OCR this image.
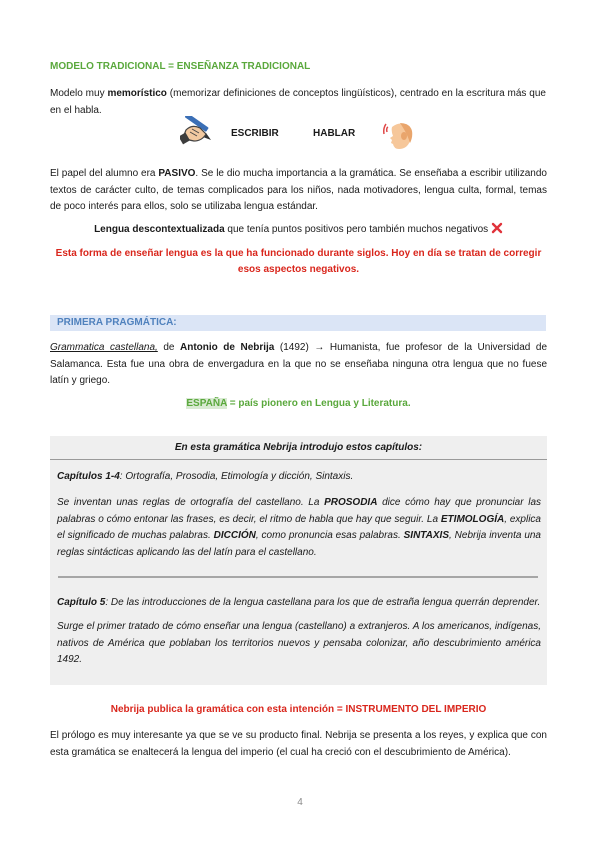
MODELO TRADICIONAL = ENSEÑANZA TRADICIONAL
Modelo muy memorístico (memorizar definiciones de conceptos lingüísticos), centrado en la escritura más que en el habla.
ESCRIBIR	HABLAR
El papel del alumno era PASIVO. Se le dio mucha importancia a la gramática. Se enseñaba a escribir utilizando textos de carácter culto, de temas complicados para los niños, nada motivadores, lengua culta, formal, temas de poco interés para ellos, solo se utilizaba lengua estándar.
Lengua descontextualizada que tenía puntos positivos pero también muchos negativos
Esta forma de enseñar lengua es la que ha funcionado durante siglos. Hoy en día se tratan de corregir esos aspectos negativos.
PRIMERA PRAGMÁTICA:
Grammatica castellana, de Antonio de Nebrija (1492) → Humanista, fue profesor de la Universidad de Salamanca. Esta fue una obra de envergadura en la que no se enseñaba ninguna otra lengua que no fuese latín y griego.
ESPAÑA = país pionero en Lengua y Literatura.
En esta gramática Nebrija introdujo estos capítulos:
Capítulos 1-4: Ortografía, Prosodia, Etimología y dicción, Sintaxis.
Se inventan unas reglas de ortografía del castellano. La PROSODIA dice cómo hay que pronunciar las palabras o cómo entonar las frases, es decir, el ritmo de habla que hay que seguir. La ETIMOLOGÍA, explica el significado de muchas palabras. DICCIÓN, como pronuncia esas palabras. SINTAXIS, Nebrija inventa una reglas sintácticas aplicando las del latín para el castellano.
Capítulo 5: De las introducciones de la lengua castellana para los que de estraña lengua querrán deprender.
Surge el primer tratado de cómo enseñar una lengua (castellano) a extranjeros. A los americanos, indígenas, nativos de América que poblaban los territorios nuevos y pensaba colonizar, año descubrimiento américa 1492.
Nebrija publica la gramática con esta intención = INSTRUMENTO DEL IMPERIO
El prólogo es muy interesante ya que se ve su producto final. Nebrija se presenta a los reyes, y explica que con esta gramática se enaltecerá la lengua del imperio (el cual ha creció con el descubrimiento de América).
4
